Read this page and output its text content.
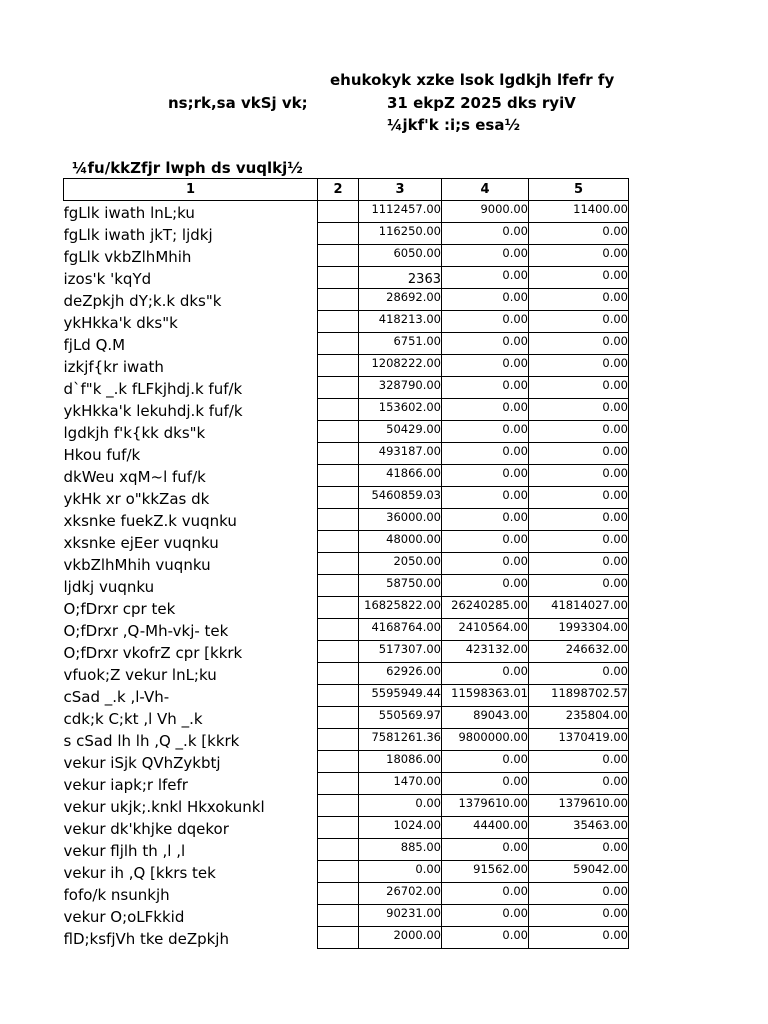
ehukokyk xzke lsok lgdkjh lfefr fy
ns;rk,sa vkSj vk;	31 ekpZ 2025 dks ryiV
¼jkf'k :i;s esa½
¼fu/kkZfjr lwph ds vuqlkj½
1	2	3	4	5
fgLlk iwath lnL;ku		1112457.00	9000.00	11400.00
fgLlk iwath jkT; ljdkj		116250.00	0.00	0.00
fgLlk vkbZlhMhih		6050.00	0.00	0.00
izos'k 'kqYd		2363	0.00	0.00
deZpkjh dY;k.k dks"k		28692.00	0.00	0.00
ykHkka'k dks"k		418213.00	0.00	0.00
fjLd Q.M		6751.00	0.00	0.00
izkjf{kr iwath		1208222.00	0.00	0.00
d`f"k _.k fLFkjhdj.k fuf/k		328790.00	0.00	0.00
ykHkka'k lekuhdj.k fuf/k		153602.00	0.00	0.00
lgdkjh f'k{kk dks"k		50429.00	0.00	0.00
Hkou fuf/k		493187.00	0.00	0.00
dkWeu xqM~l fuf/k		41866.00	0.00	0.00
ykHk xr o"kkZas dk		5460859.03	0.00	0.00
xksnke fuekZ.k vuqnku		36000.00	0.00	0.00
xksnke ejEer vuqnku		48000.00	0.00	0.00
vkbZlhMhih vuqnku		2050.00	0.00	0.00
ljdkj vuqnku		58750.00	0.00	0.00
O;fDrxr cpr tek		16825822.00	26240285.00	41814027.00
O;fDrxr ,Q-Mh-vkj- tek		4168764.00	2410564.00	1993304.00
O;fDrxr vkofrZ cpr [kkrk		517307.00	423132.00	246632.00
vfuok;Z vekur lnL;ku		62926.00	0.00	0.00
cSad _.k ,l-Vh-		5595949.44	11598363.01	11898702.57
cdk;k C;kt ,l Vh _.k		550569.97	89043.00	235804.00
s cSad lh lh ,Q _.k [kkrk		7581261.36	9800000.00	1370419.00
vekur iSjk QVhZykbtj		18086.00	0.00	0.00
vekur iapk;r lfefr		1470.00	0.00	0.00
vekur ukjk;.knkl Hkxokunkl		0.00	1379610.00	1379610.00
vekur dk'khjke dqekor		1024.00	44400.00	35463.00
vekur fljlh th ,l ,l		885.00	0.00	0.00
vekur ih ,Q [kkrs tek		0.00	91562.00	59042.00
fofo/k nsunkjh		26702.00	0.00	0.00
vekur O;oLFkkid		90231.00	0.00	0.00
flD;ksfjVh tke deZpkjh		2000.00	0.00	0.00
